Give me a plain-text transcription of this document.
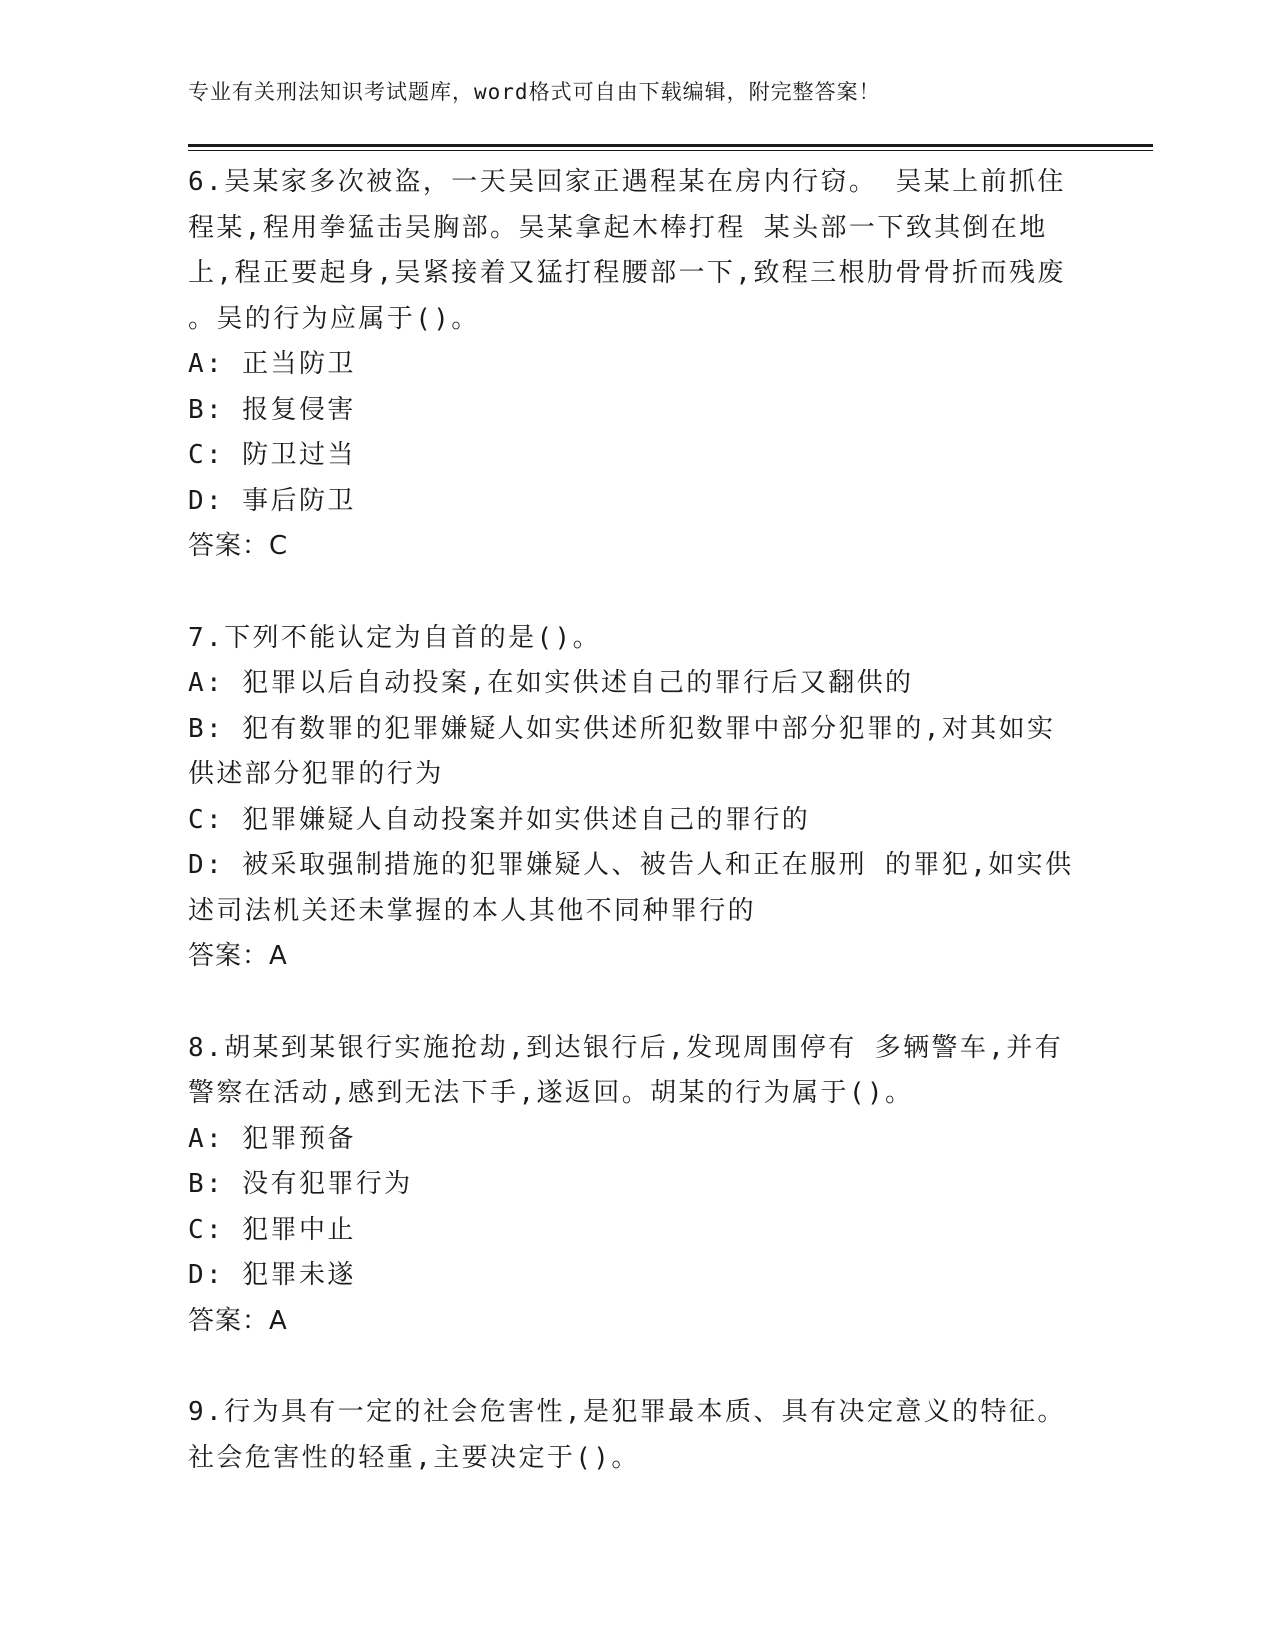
专业有关刑法知识考试题库，word格式可自由下载编辑，附完整答案！
6.吴某家多次被盗，一天吴回家正遇程某在房内行窃。 吴某上前抓住
程某,程用拳猛击吴胸部。吴某拿起木棒打程 某头部一下致其倒在地
上,程正要起身,吴紧接着又猛打程腰部一下,致程三根肋骨骨折而残废
。吴的行为应属于()。
A: 正当防卫
B: 报复侵害
C: 防卫过当
D: 事后防卫
答案：C
7.下列不能认定为自首的是()。
A: 犯罪以后自动投案,在如实供述自己的罪行后又翻供的
B: 犯有数罪的犯罪嫌疑人如实供述所犯数罪中部分犯罪的,对其如实
供述部分犯罪的行为
C: 犯罪嫌疑人自动投案并如实供述自己的罪行的
D: 被采取强制措施的犯罪嫌疑人、被告人和正在服刑 的罪犯,如实供
述司法机关还未掌握的本人其他不同种罪行的
答案：A
8.胡某到某银行实施抢劫,到达银行后,发现周围停有 多辆警车,并有
警察在活动,感到无法下手,遂返回。胡某的行为属于()。
A: 犯罪预备
B: 没有犯罪行为
C: 犯罪中止
D: 犯罪未遂
答案：A
9.行为具有一定的社会危害性,是犯罪最本质、具有决定意义的特征。
社会危害性的轻重,主要决定于()。
